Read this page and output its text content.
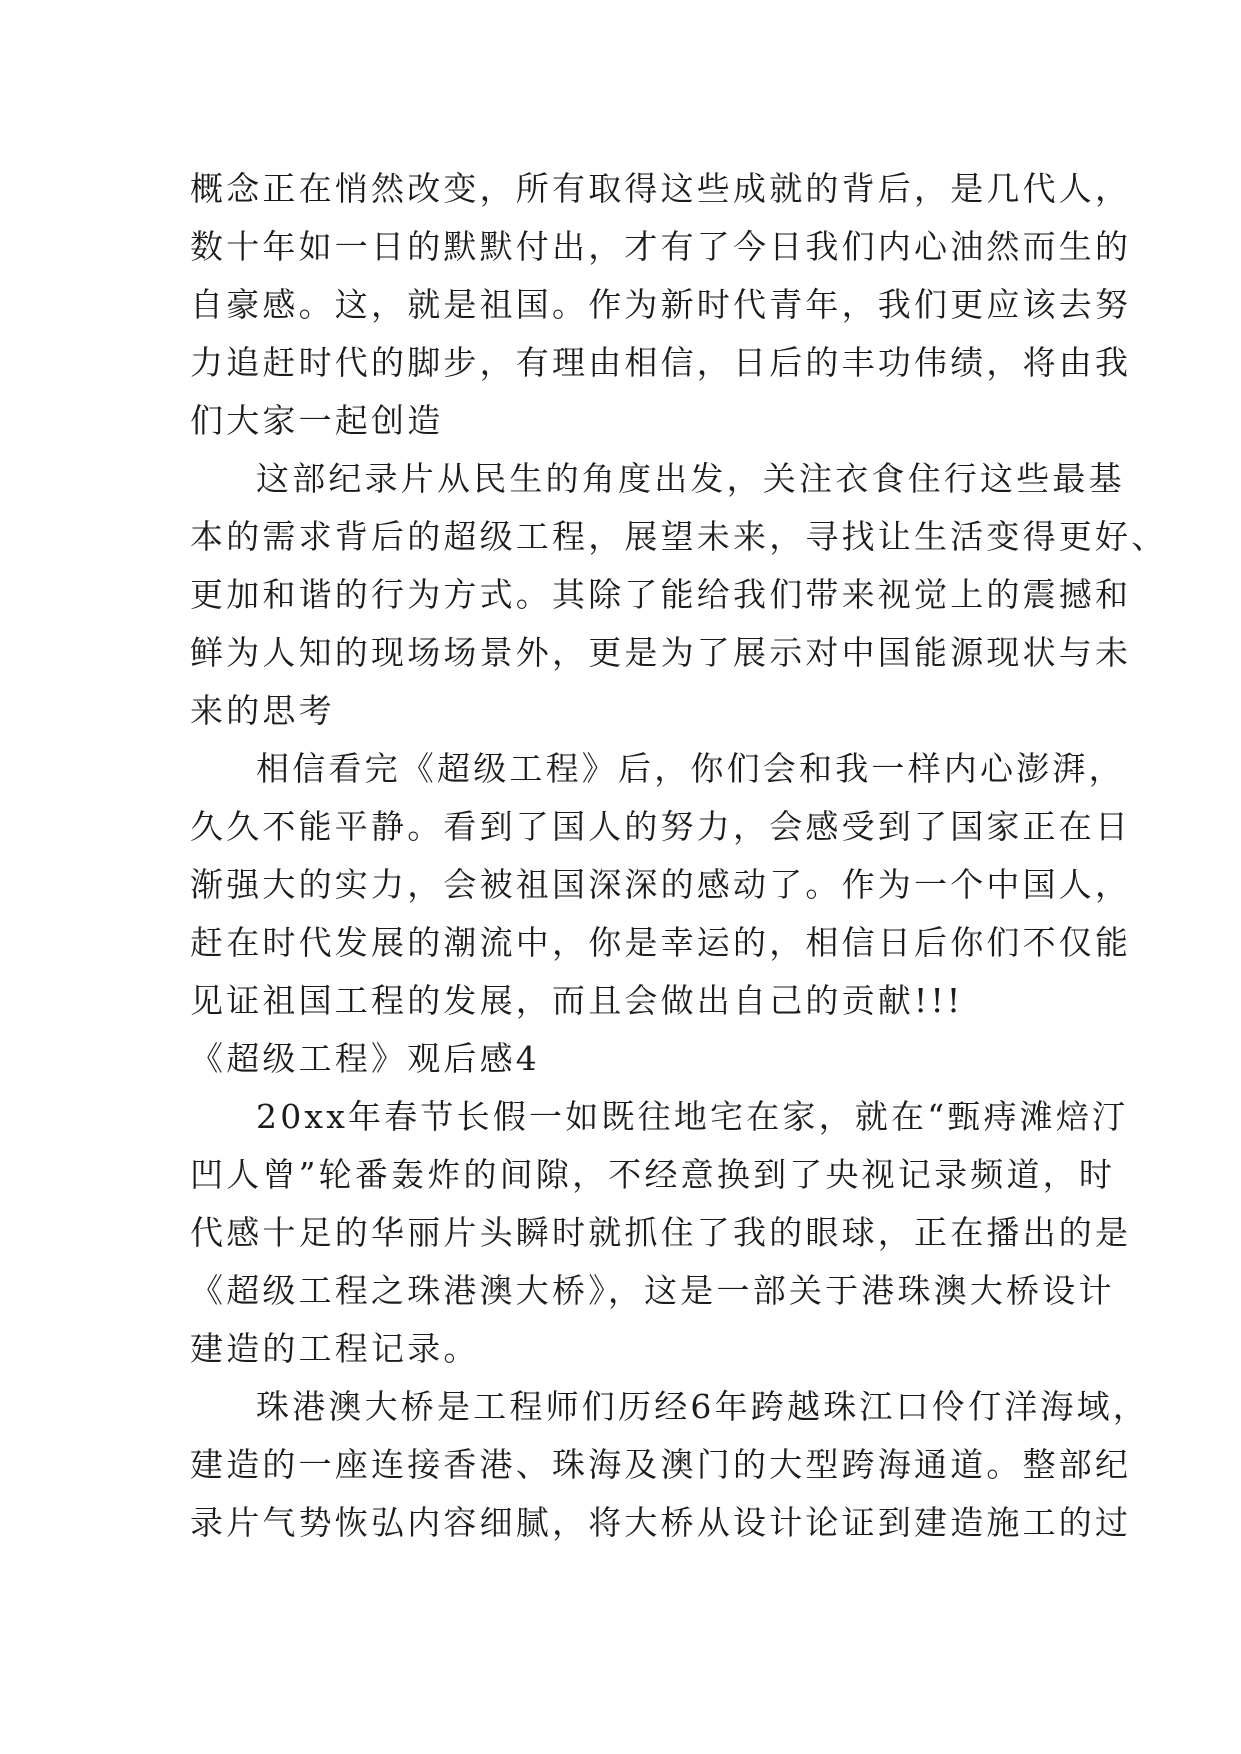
概念正在悄然改变，所有取得这些成就的背后，是几代人，
数十年如一日的默默付出，才有了今日我们内心油然而生的
自豪感。这，就是祖国。作为新时代青年，我们更应该去努
力追赶时代的脚步，有理由相信，日后的丰功伟绩，将由我
们大家一起创造
这部纪录片从民生的角度出发，关注衣食住行这些最基
本的需求背后的超级工程，展望未来，寻找让生活变得更好、
更加和谐的行为方式。其除了能给我们带来视觉上的震撼和
鲜为人知的现场场景外，更是为了展示对中国能源现状与未
来的思考
相信看完《超级工程》后，你们会和我一样内心澎湃，
久久不能平静。看到了国人的努力，会感受到了国家正在日
渐强大的实力，会被祖国深深的感动了。作为一个中国人，
赶在时代发展的潮流中，你是幸运的，相信日后你们不仅能
见证祖国工程的发展，而且会做出自己的贡献!!!
《超级工程》观后感4
20xx年春节长假一如既往地宅在家，就在“甄痔滩焙汀
凹人曾”轮番轰炸的间隙，不经意换到了央视记录频道，时
代感十足的华丽片头瞬时就抓住了我的眼球，正在播出的是
《超级工程之珠港澳大桥》，这是一部关于港珠澳大桥设计
建造的工程记录。
珠港澳大桥是工程师们历经6年跨越珠江口伶仃洋海域，
建造的一座连接香港、珠海及澳门的大型跨海通道。整部纪
录片气势恢弘内容细腻，将大桥从设计论证到建造施工的过
